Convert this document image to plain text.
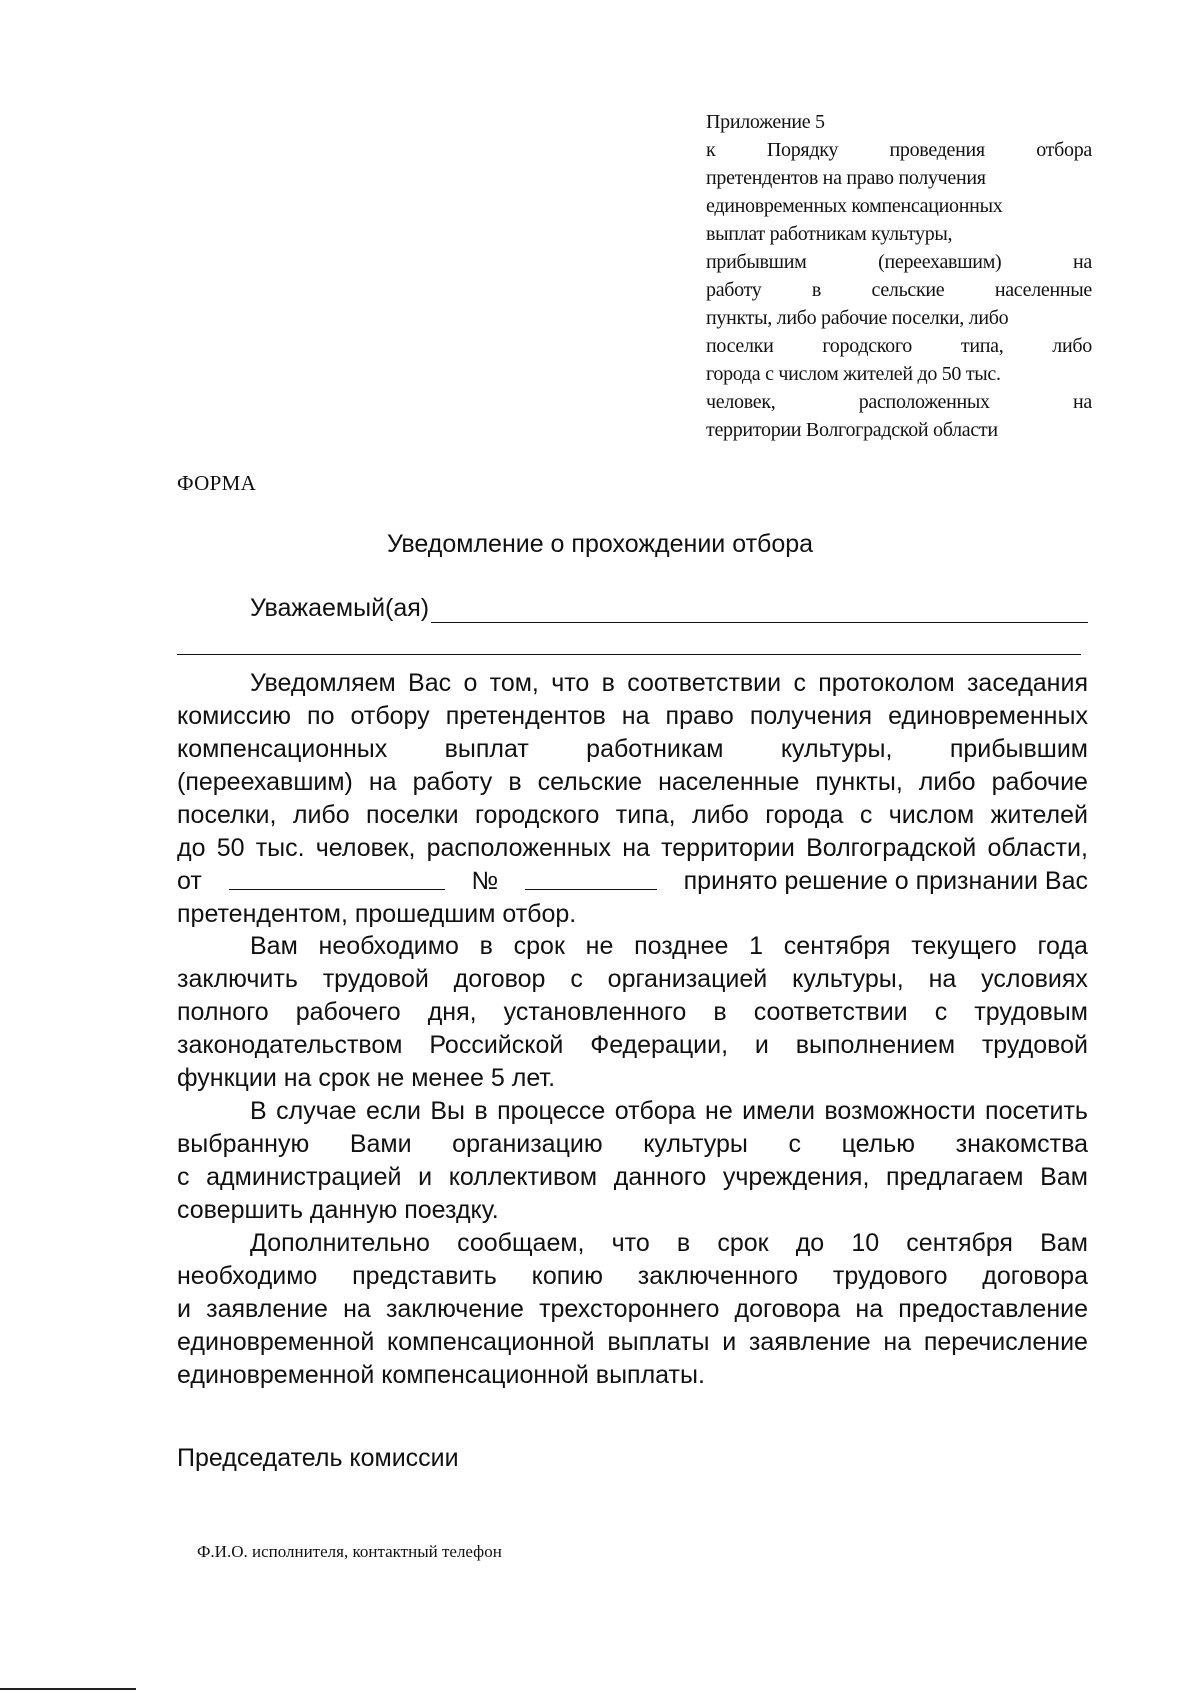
Приложение 5
к	Порядку	проведения	отбора
претендентов на право получения
единовременных компенсационных
выплат работникам культуры,
прибывшим	(переехавшим)	на
работу	в	сельские	населенные
пункты, либо рабочие поселки, либо
поселки городского типа, либо
города с числом жителей до 50 тыс.
человек,	расположенных	на
территории Волгоградской области
ФОРМА
Уведомление о прохождении отбора
Уважаемый(ая)
Уведомляем Вас о том, что в соответствии с протоколом заседания
комиссию по отбору претендентов на право получения единовременных
компенсационных выплат работникам культуры, прибывшим
(переехавшим) на работу в сельские населенные пункты, либо рабочие
поселки, либо поселки городского типа, либо города с числом жителей
до 50 тыс. человек, расположенных на территории Волгоградской области,
от	№	принято решение о признании Вас
претендентом, прошедшим отбор.
Вам необходимо в срок не позднее 1 сентября текущего года
заключить трудовой договор с организацией культуры, на условиях
полного рабочего дня, установленного в соответствии с трудовым
законодательством Российской Федерации, и выполнением трудовой
функции на срок не менее 5 лет.
В случае если Вы в процессе отбора не имели возможности посетить
выбранную Вами организацию культуры с целью знакомства
с администрацией и коллективом данного учреждения, предлагаем Вам
совершить данную поездку.
Дополнительно сообщаем, что в срок до 10 сентября Вам
необходимо представить копию заключенного трудового договора
и заявление на заключение трехстороннего договора на предоставление
единовременной компенсационной выплаты и заявление на перечисление
единовременной компенсационной выплаты.
Председатель комиссии
Ф.И.О. исполнителя, контактный телефон
